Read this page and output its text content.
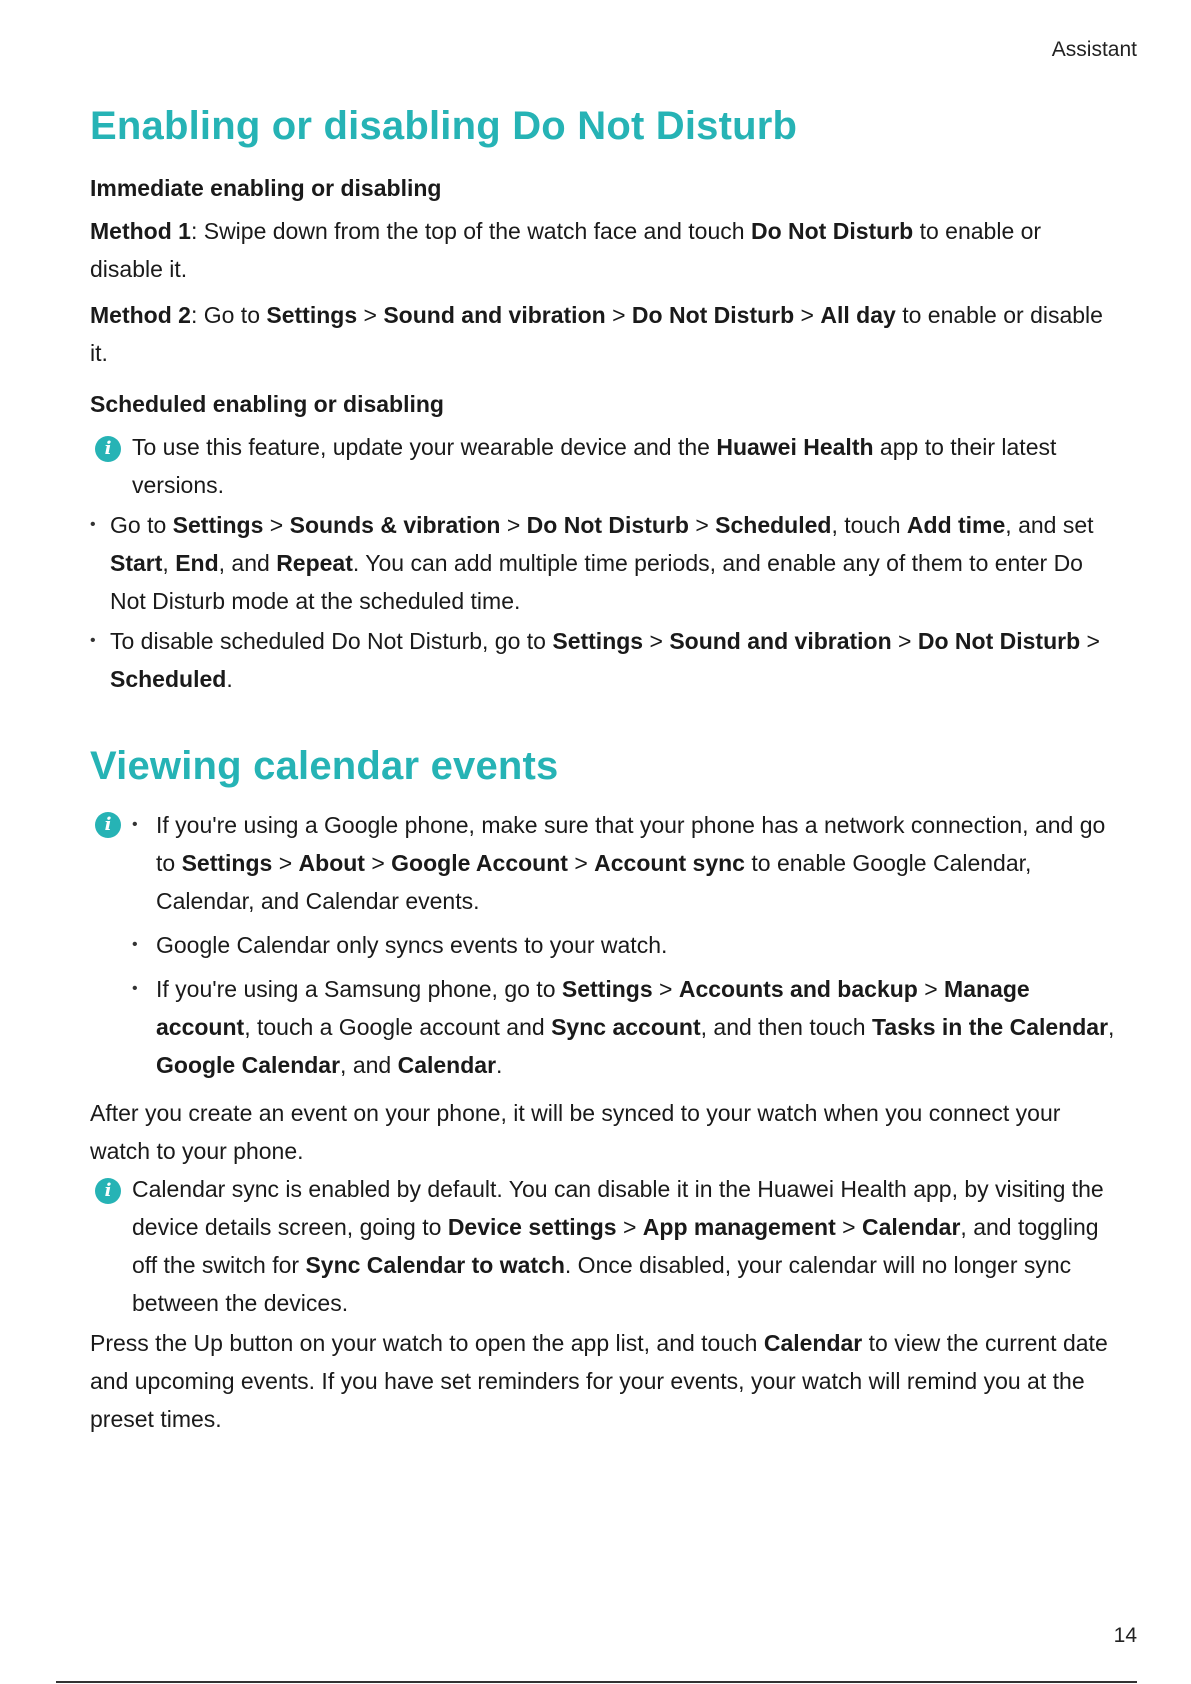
Assistant
Enabling or disabling Do Not Disturb
Immediate enabling or disabling

Method 1: Swipe down from the top of the watch face and touch Do Not Disturb to enable or disable it.

Method 2: Go to Settings > Sound and vibration > Do Not Disturb > All day to enable or disable it.

Scheduled enabling or disabling
i To use this feature, update your wearable device and the Huawei Health app to their latest versions.
• Go to Settings > Sounds & vibration > Do Not Disturb > Scheduled, touch Add time, and set Start, End, and Repeat. You can add multiple time periods, and enable any of them to enter Do Not Disturb mode at the scheduled time.
• To disable scheduled Do Not Disturb, go to Settings > Sound and vibration > Do Not Disturb > Scheduled.
Viewing calendar events
i
•	If you're using a Google phone, make sure that your phone has a network connection, and go to Settings > About > Google Account > Account sync to enable Google Calendar, Calendar, and Calendar events.
• Google Calendar only syncs events to your watch.
• If you're using a Samsung phone, go to Settings > Accounts and backup > Manage account, touch a Google account and Sync account, and then touch Tasks in the Calendar, Google Calendar, and Calendar.

After you create an event on your phone, it will be synced to your watch when you connect your watch to your phone.

i Calendar sync is enabled by default. You can disable it in the Huawei Health app, by visiting the device details screen, going to Device settings > App management > Calendar, and toggling off the switch for Sync Calendar to watch. Once disabled, your calendar will no longer sync between the devices.

Press the Up button on your watch to open the app list, and touch Calendar to view the current date and upcoming events. If you have set reminders for your events, your watch will remind you at the preset times.

14
